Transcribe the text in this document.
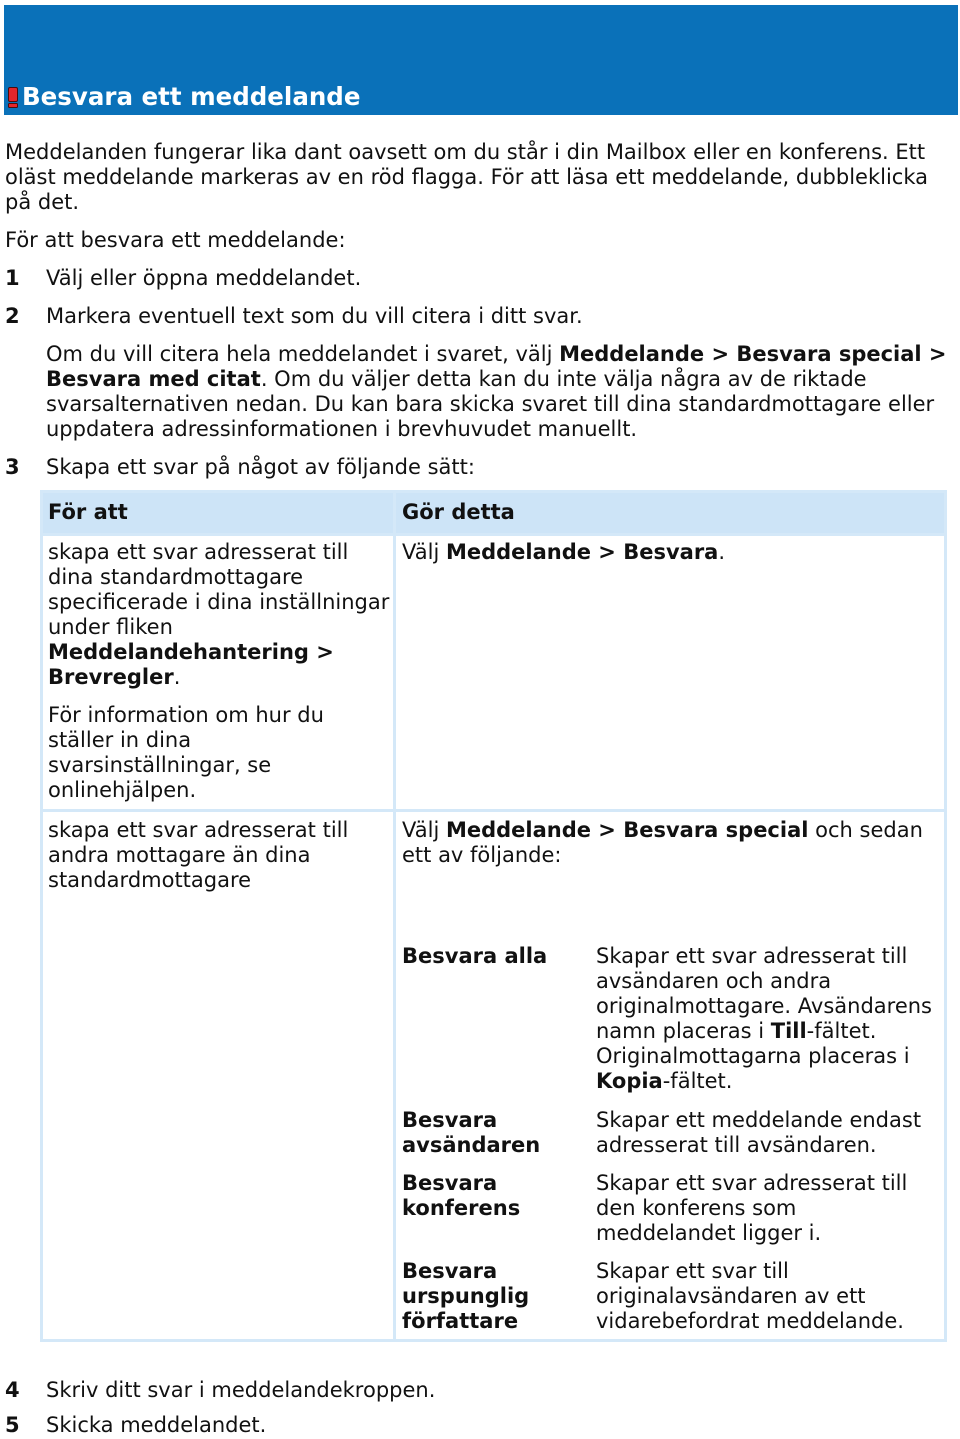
Besvara ett meddelande
Meddelanden fungerar lika dant oavsett om du står i din Mailbox eller en konferens. Ett
oläst meddelande markeras av en röd flagga. För att läsa ett meddelande, dubbleklicka
på det.
För att besvara ett meddelande:
1 Välj eller öppna meddelandet.
2 Markera eventuell text som du vill citera i ditt svar.
Om du vill citera hela meddelandet i svaret, välj Meddelande > Besvara special >
Besvara med citat. Om du väljer detta kan du inte välja några av de riktade
svarsalternativen nedan. Du kan bara skicka svaret till dina standardmottagare eller
uppdatera adressinformationen i brevhuvudet manuellt.
3 Skapa ett svar på något av följande sätt:
För att	Gör detta
skapa ett svar adresserat till
dina standardmottagare
specificerade i dina inställningar
under fliken
Meddelandehantering >
Brevregler.
För information om hur du
ställer in dina
svarsinställningar, se
onlinehjälpen.
Välj Meddelande > Besvara.
skapa ett svar adresserat till
andra mottagare än dina
standardmottagare
Välj Meddelande > Besvara special och sedan
ett av följande:
Besvara alla Skapar ett svar adresserat till
avsändaren och andra
originalmottagare. Avsändarens
namn placeras i Till-fältet.
Originalmottagarna placeras i
Kopia-fältet.
Besvara
avsändaren
Skapar ett meddelande endast
adresserat till avsändaren.
Besvara
konferens
Skapar ett svar adresserat till
den konferens som
meddelandet ligger i.
Besvara
urspunglig
författare
Skapar ett svar till
originalavsändaren av ett
vidarebefordrat meddelande.
4 Skriv ditt svar i meddelandekroppen.
5 Skicka meddelandet.
